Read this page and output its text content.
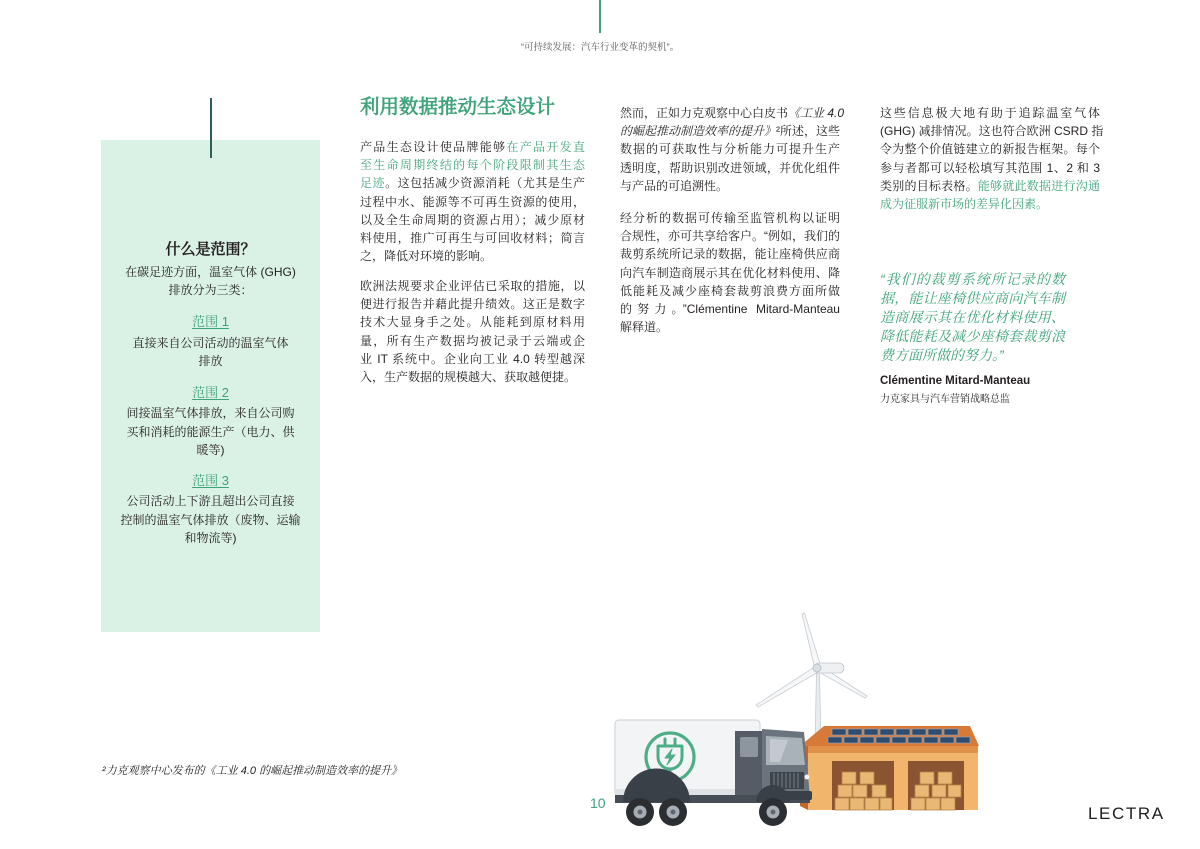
“可持续发展：汽车行业变革的契机”。
什么是范围？
在碳足迹方面，温室气体 (GHG)
排放分为三类：
范围 1
直接来自公司活动的温室气体
排放
范围 2
间接温室气体排放，来自公司购
买和消耗的能源生产（电力、供
暖等)
范围 3
公司活动上下游且超出公司直接
控制的温室气体排放（废物、运输
和物流等)
利用数据推动生态设计
产品生态设计使品牌能够在产品开发直
至生命周期终结的每个阶段限制其生态
足迹。这包括减少资源消耗（尤其是生产
过程中水、能源等不可再生资源的使用，
以及全生命周期的资源占用）；减少原材
料使用，推广可再生与可回收材料；简言
之，降低对环境的影响。
欧洲法规要求企业评估已采取的措施，以
便进行报告并藉此提升绩效。这正是数字
技术大显身手之处。从能耗到原材料用
量，所有生产数据均被记录于云端或企
业 IT 系统中。企业向工业 4.0 转型越深
入，生产数据的规模越大、获取越便捷。
然而，正如力克观察中心白皮书《工业 4.0
的崛起推动制造效率的提升》²所述，这些
数据的可获取性与分析能力可提升生产
透明度，帮助识别改进领域，并优化组件
与产品的可追溯性。
经分析的数据可传输至监管机构以证明
合规性，亦可共享给客户。“例如，我们的
裁剪系统所记录的数据，能让座椅供应商
向汽车制造商展示其在优化材料使用、降
低能耗及减少座椅套裁剪浪费方面所做
的努力。”Clémentine Mitard-Manteau
解释道。
这些信息极大地有助于追踪温室气体
(GHG) 减排情况。这也符合欧洲 CSRD 指
令为整个价值链建立的新报告框架。每个
参与者都可以轻松填写其范围 1、2 和 3
类别的目标表格。能够就此数据进行沟通
成为征服新市场的差异化因素。
“我们的裁剪系统所记录的数
据，能让座椅供应商向汽车制
造商展示其在优化材料使用、
降低能耗及减少座椅套裁剪浪
费方面所做的努力。”
Clémentine Mitard-Manteau
力克家具与汽车营销战略总监
²力克观察中心发布的《工业 4.0 的崛起推动制造效率的提升》
10
LECTRA
